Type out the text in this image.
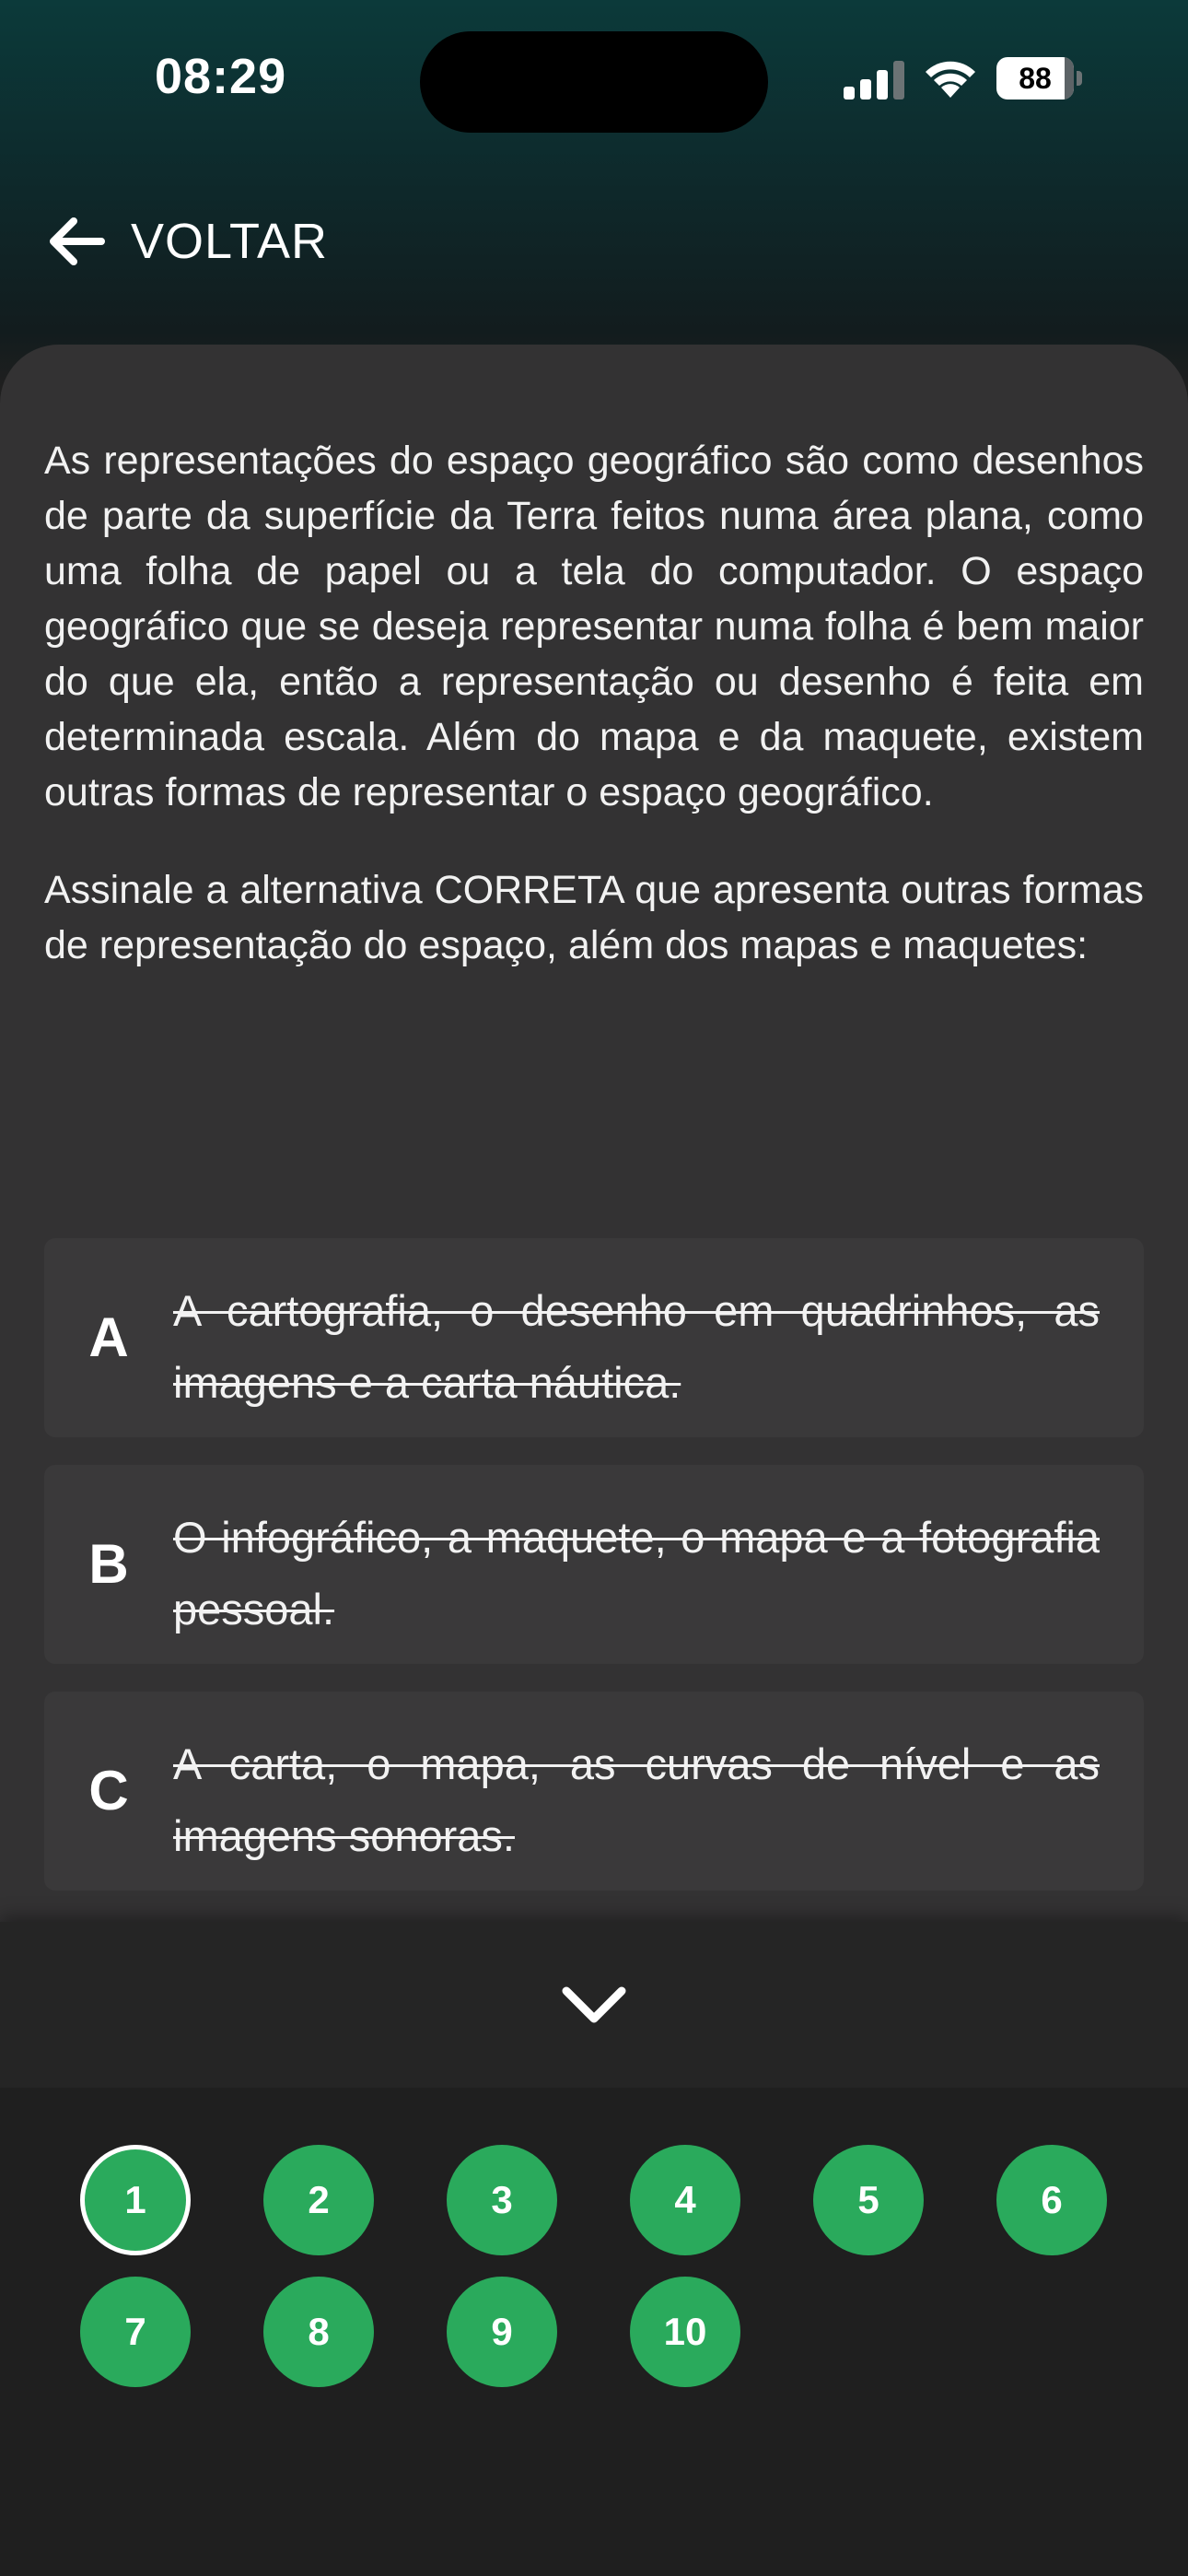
08:29	88
VOLTAR

As representações do espaço geográfico são como desenhos de parte da superfície da Terra feitos numa área plana, como uma folha de papel ou a tela do computador. O espaço geográfico que se deseja representar numa folha é bem maior do que ela, então a representação ou desenho é feita em determinada escala. Além do mapa e da maquete, existem outras formas de representar o espaço geográfico.

Assinale a alternativa CORRETA que apresenta outras formas de representação do espaço, além dos mapas e maquetes:

A	A cartografia, o desenho em quadrinhos, as imagens e a carta náutica.
B	O infográfico, a maquete, o mapa e a fotografia pessoal.
C	A carta, o mapa, as curvas de nível e as imagens sonoras.
1	2	3	4	5	6
7	8	9	10
